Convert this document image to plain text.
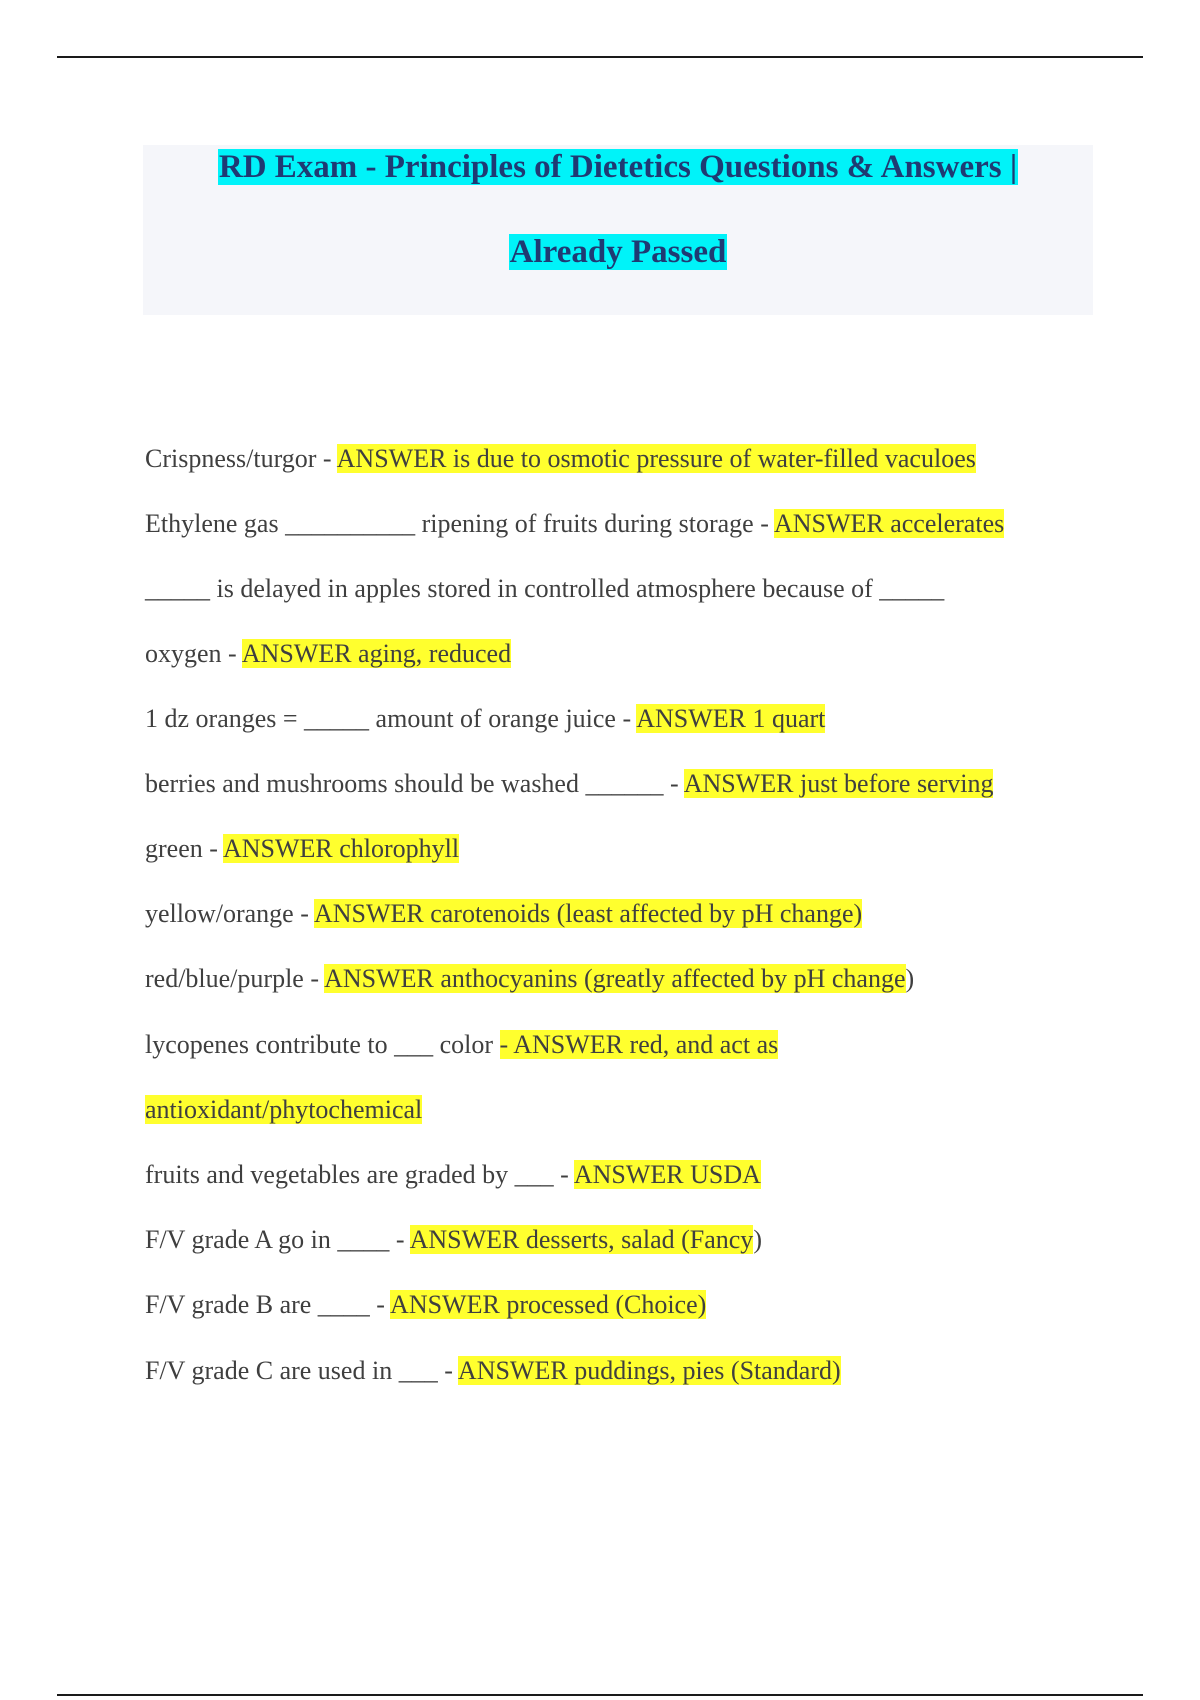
RD Exam - Principles of Dietetics Questions & Answers |
Already Passed
Crispness/turgor - ANSWER is due to osmotic pressure of water-filled vaculoes
Ethylene gas __________ ripening of fruits during storage - ANSWER accelerates
_____ is delayed in apples stored in controlled atmosphere because of _____
oxygen - ANSWER aging, reduced
1 dz oranges = _____ amount of orange juice - ANSWER 1 quart
berries and mushrooms should be washed ______ - ANSWER just before serving
green - ANSWER chlorophyll
yellow/orange - ANSWER carotenoids (least affected by pH change)
red/blue/purple - ANSWER anthocyanins (greatly affected by pH change)
lycopenes contribute to ___ color - ANSWER red, and act as
antioxidant/phytochemical
fruits and vegetables are graded by ___ - ANSWER USDA
F/V grade A go in ____ - ANSWER desserts, salad (Fancy)
F/V grade B are ____ - ANSWER processed (Choice)
F/V grade C are used in ___ - ANSWER puddings, pies (Standard)
